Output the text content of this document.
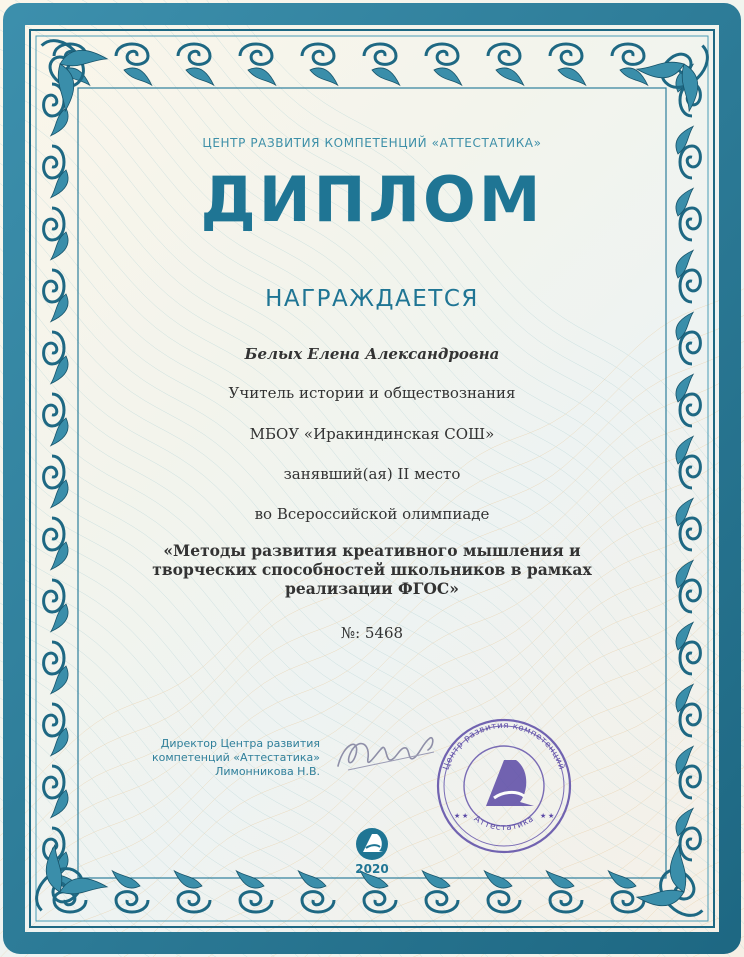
ЦЕНТР РАЗВИТИЯ КОМПЕТЕНЦИЙ «АТТЕСТАТИКА»
ДИПЛОМ
НАГРАЖДАЕТСЯ
Белых Елена Александровна
Учитель истории и обществознания
МБОУ «Иракиндинская СОШ»
занявший(ая) II место
во Всероссийской олимпиаде
«Методы развития креативного мышления и творческих способностей школьников в рамках реализации ФГОС»
№: 5468
Директор Центра развития
компетенций «Аттестатика»
Лимонникова Н.В.	Центр развития компетенций
Аттестатика
★ ★	★ ★
2020
